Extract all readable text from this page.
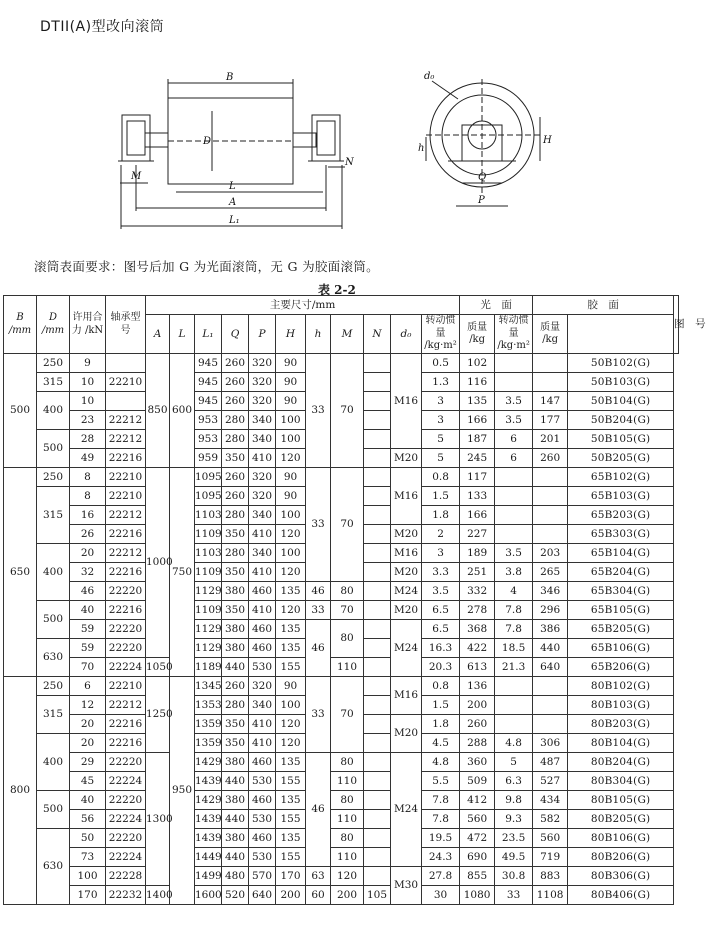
DTII(A)型改向滚筒
B
D
M
N
L
A
L₁
d₀
h
H
Q
P
滚筒表面要求：图号后加 G 为光面滚筒，无 G 为胶面滚筒。
表 2-2
B /mm	D /mm	许用合力 /kN	轴承型号	主要尺寸/mm											光　面		胶　面		图　号
				A	L	L₁	Q	P	H	h	M	N	d₀	转动惯量 /kg·m²	质量 /kg	转动惯量 /kg·m²	质量 /kg		
500	250	9		850	600	945	260	320	90	33	70		M16	0.5	102			50B102(G)	
	315	10	22210			945	260	320	90					1.3	116			50B103(G)	
	400	10				945	260	320	90					3	135	3.5	147	50B104(G)	
		23	22212			953	280	340	100					3	166	3.5	177	50B204(G)	
	500	28	22212			953	280	340	100					5	187	6	201	50B105(G)	
		49	22216			959	350	410	120				M20	5	245	6	260	50B205(G)	
650	250	8	22210	1000	750	1095	260	320	90	33	70		M16	0.8	117			65B102(G)	
	315	8	22210			1095	260	320	90					1.5	133			65B103(G)	
		16	22212			1103	280	340	100					1.8	166			65B203(G)	
		26	22216			1109	350	410	120				M20	2	227			65B303(G)	
	400	20	22212			1103	280	340	100				M16	3	189	3.5	203	65B104(G)	
		32	22216			1109	350	410	120				M20	3.3	251	3.8	265	65B204(G)	
		46	22220			1129	380	460	135	46	80		M24	3.5	332	4	346	65B304(G)	
	500	40	22216			1109	350	410	120	33	70		M20	6.5	278	7.8	296	65B105(G)	
		59	22220			1129	380	460	135	46	80		M24	6.5	368	7.8	386	65B205(G)	
	630	59	22220			1129	380	460	135					16.3	422	18.5	440	65B106(G)	
		70	22224	1050		1189	440	530	155		110			20.3	613	21.3	640	65B206(G)	
800	250	6	22210	1250	950	1345	260	320	90	33	70		M16	0.8	136			80B102(G)	
	315	12	22212			1353	280	340	100					1.5	200			80B103(G)	
		20	22216			1359	350	410	120				M20	1.8	260			80B203(G)	
	400	20	22216			1359	350	410	120					4.5	288	4.8	306	80B104(G)	
		29	22220	1300		1429	380	460	135	46	80		M24	4.8	360	5	487	80B204(G)	
		45	22224			1439	440	530	155		110			5.5	509	6.3	527	80B304(G)	
	500	40	22220			1429	380	460	135		80			7.8	412	9.8	434	80B105(G)	
		56	22224			1439	440	530	155		110			7.8	560	9.3	582	80B205(G)	
	630	50	22220			1439	380	460	135		80			19.5	472	23.5	560	80B106(G)	
		73	22224			1449	440	530	155		110			24.3	690	49.5	719	80B206(G)	
		100	22228			1499	480	570	170	63	120		M30	27.8	855	30.8	883	80B306(G)	
		170	22232	1400		1600	520	640	200	60	200	105		30	1080	33	1108	80B406(G)	
